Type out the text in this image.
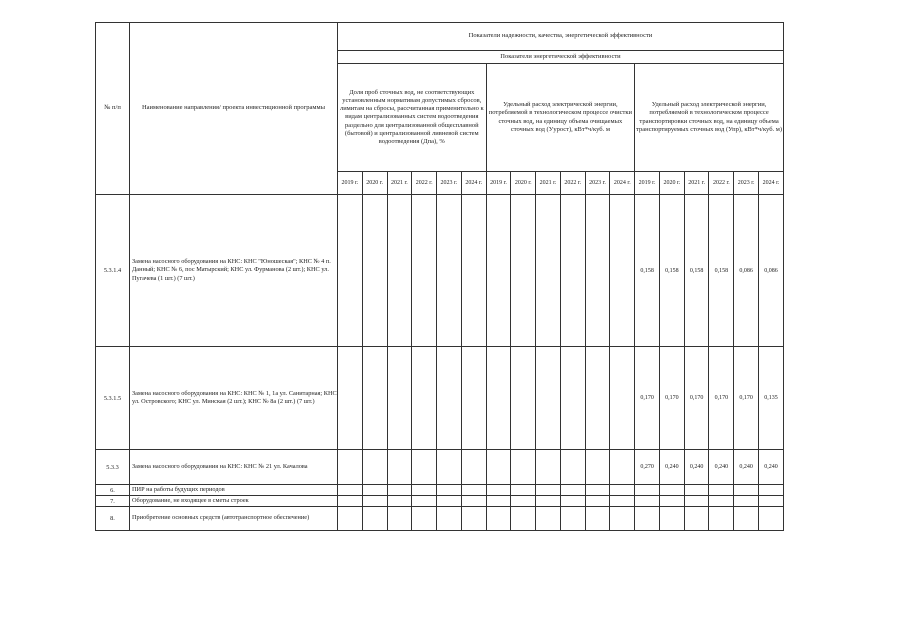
№ п/п	Наименование направления/ проекта инвестиционной программы	Показатели надежности, качества, энергетической эффективности																	
		Показатели энергетической эффективности																	
		Доля проб сточных вод, не соответствующих установленным нормативам допустимых сбросов, лимитам на сбросы, рассчитанная применительно к видам централизованных систем водоотведения раздельно для централизованной общесплавной (бытовой) и централизованной ливневой систем водоотведения (Дпа), %						Удельный расход электрической энергии, потребляемой в технологическом процессе очистки сточных вод, на единицу объема очищаемых сточных вод (Уурост), кВт*ч/куб. м						Удельный расход электрической энергии, потребляемой в технологическом процессе транспортировки сточных вод, на единицу объема транспортируемых сточных вод (Упр), кВт*ч/куб. м)					
		2019 г.	2020 г.	2021 г.	2022 г.	2023 г.	2024 г.	2019 г.	2020 г.	2021 г.	2022 г.	2023 г.	2024 г.	2019 г.	2020 г.	2021 г.	2022 г.	2023 г.	2024 г.
5.3.1.4	Замена насосного оборудования на КНС: КНС "Юношеская"; КНС № 4 п. Данный; КНС № 6, пос Матырский; КНС ул. Фурманова (2 шт.); КНС ул. Пугачева (1 шт.) (7 шт.)													0,158	0,158	0,158	0,158	0,086	0,086
5.3.1.5	Замена насосного оборудования на КНС: КНС № 1, 1а ул. Санитарная; КНС ул. Островского; КНС ул. Минская (2 шт.); КНС № 8а (2 шт.) (7 шт.)													0,170	0,170	0,170	0,170	0,170	0,135
5.3.3	Замена насосного оборудования на КНС: КНС № 21 ул. Качалова													0,270	0,240	0,240	0,240	0,240	0,240
6.	ПИР на работы будущих периодов																		
7.	Оборудование, не входящее в сметы строек																		
8.	Приобретение основных средств (автотранспортное обеспечение)																		
